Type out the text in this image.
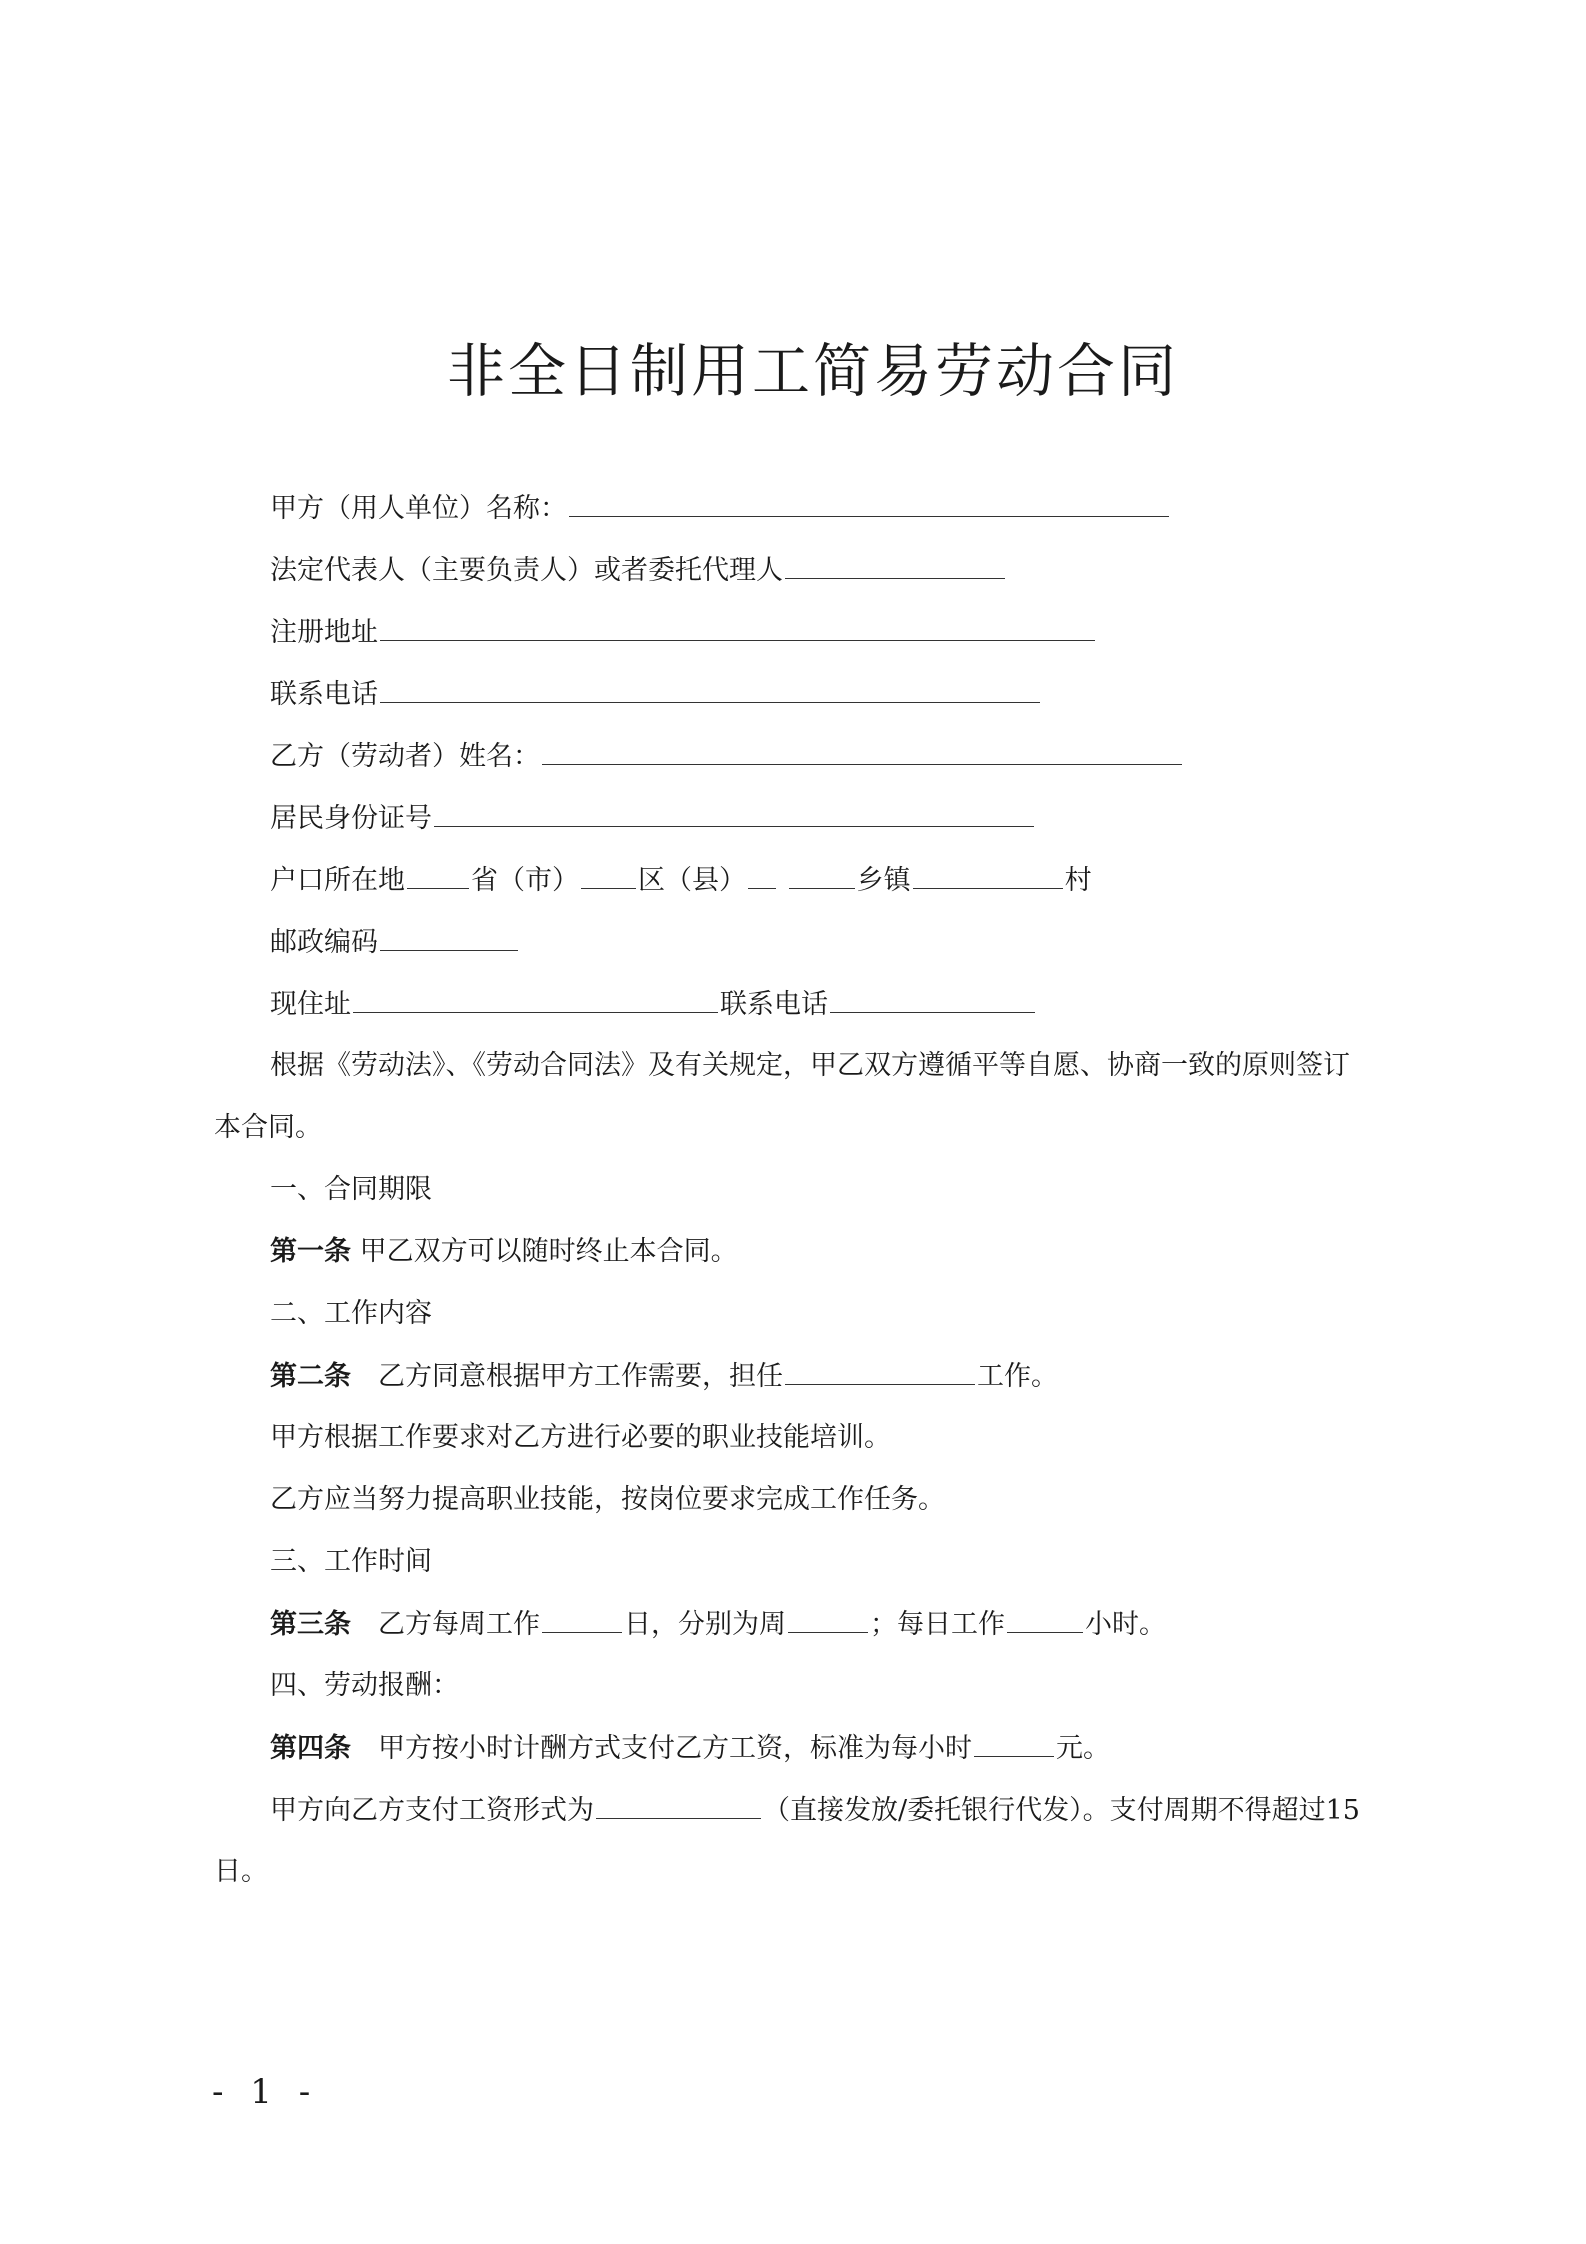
非全日制用工简易劳动合同
甲方（用人单位）名称：
法定代表人（主要负责人）或者委托代理人
注册地址
联系电话
乙方（劳动者）姓名：
居民身份证号
户口所在地 省（市） 区（县）	乡镇	村
邮政编码
现住址	联系电话
根据《劳动法》、《劳动合同法》及有关规定，甲乙双方遵循平等自愿、协商一致的原则签订
本合同。
一、合同期限
第一条 甲乙双方可以随时终止本合同。
二、工作内容
第二条　乙方同意根据甲方工作需要，担任	工作。
甲方根据工作要求对乙方进行必要的职业技能培训。
乙方应当努力提高职业技能，按岗位要求完成工作任务。
三、工作时间
第三条　乙方每周工作	日，分别为周	；每日工作	小时。
四、劳动报酬：
第四条　甲方按小时计酬方式支付乙方工资，标准为每小时	元。
甲方向乙方支付工资形式为	（直接发放/委托银行代发）。支付周期不得超过15
日。
- 1 -
